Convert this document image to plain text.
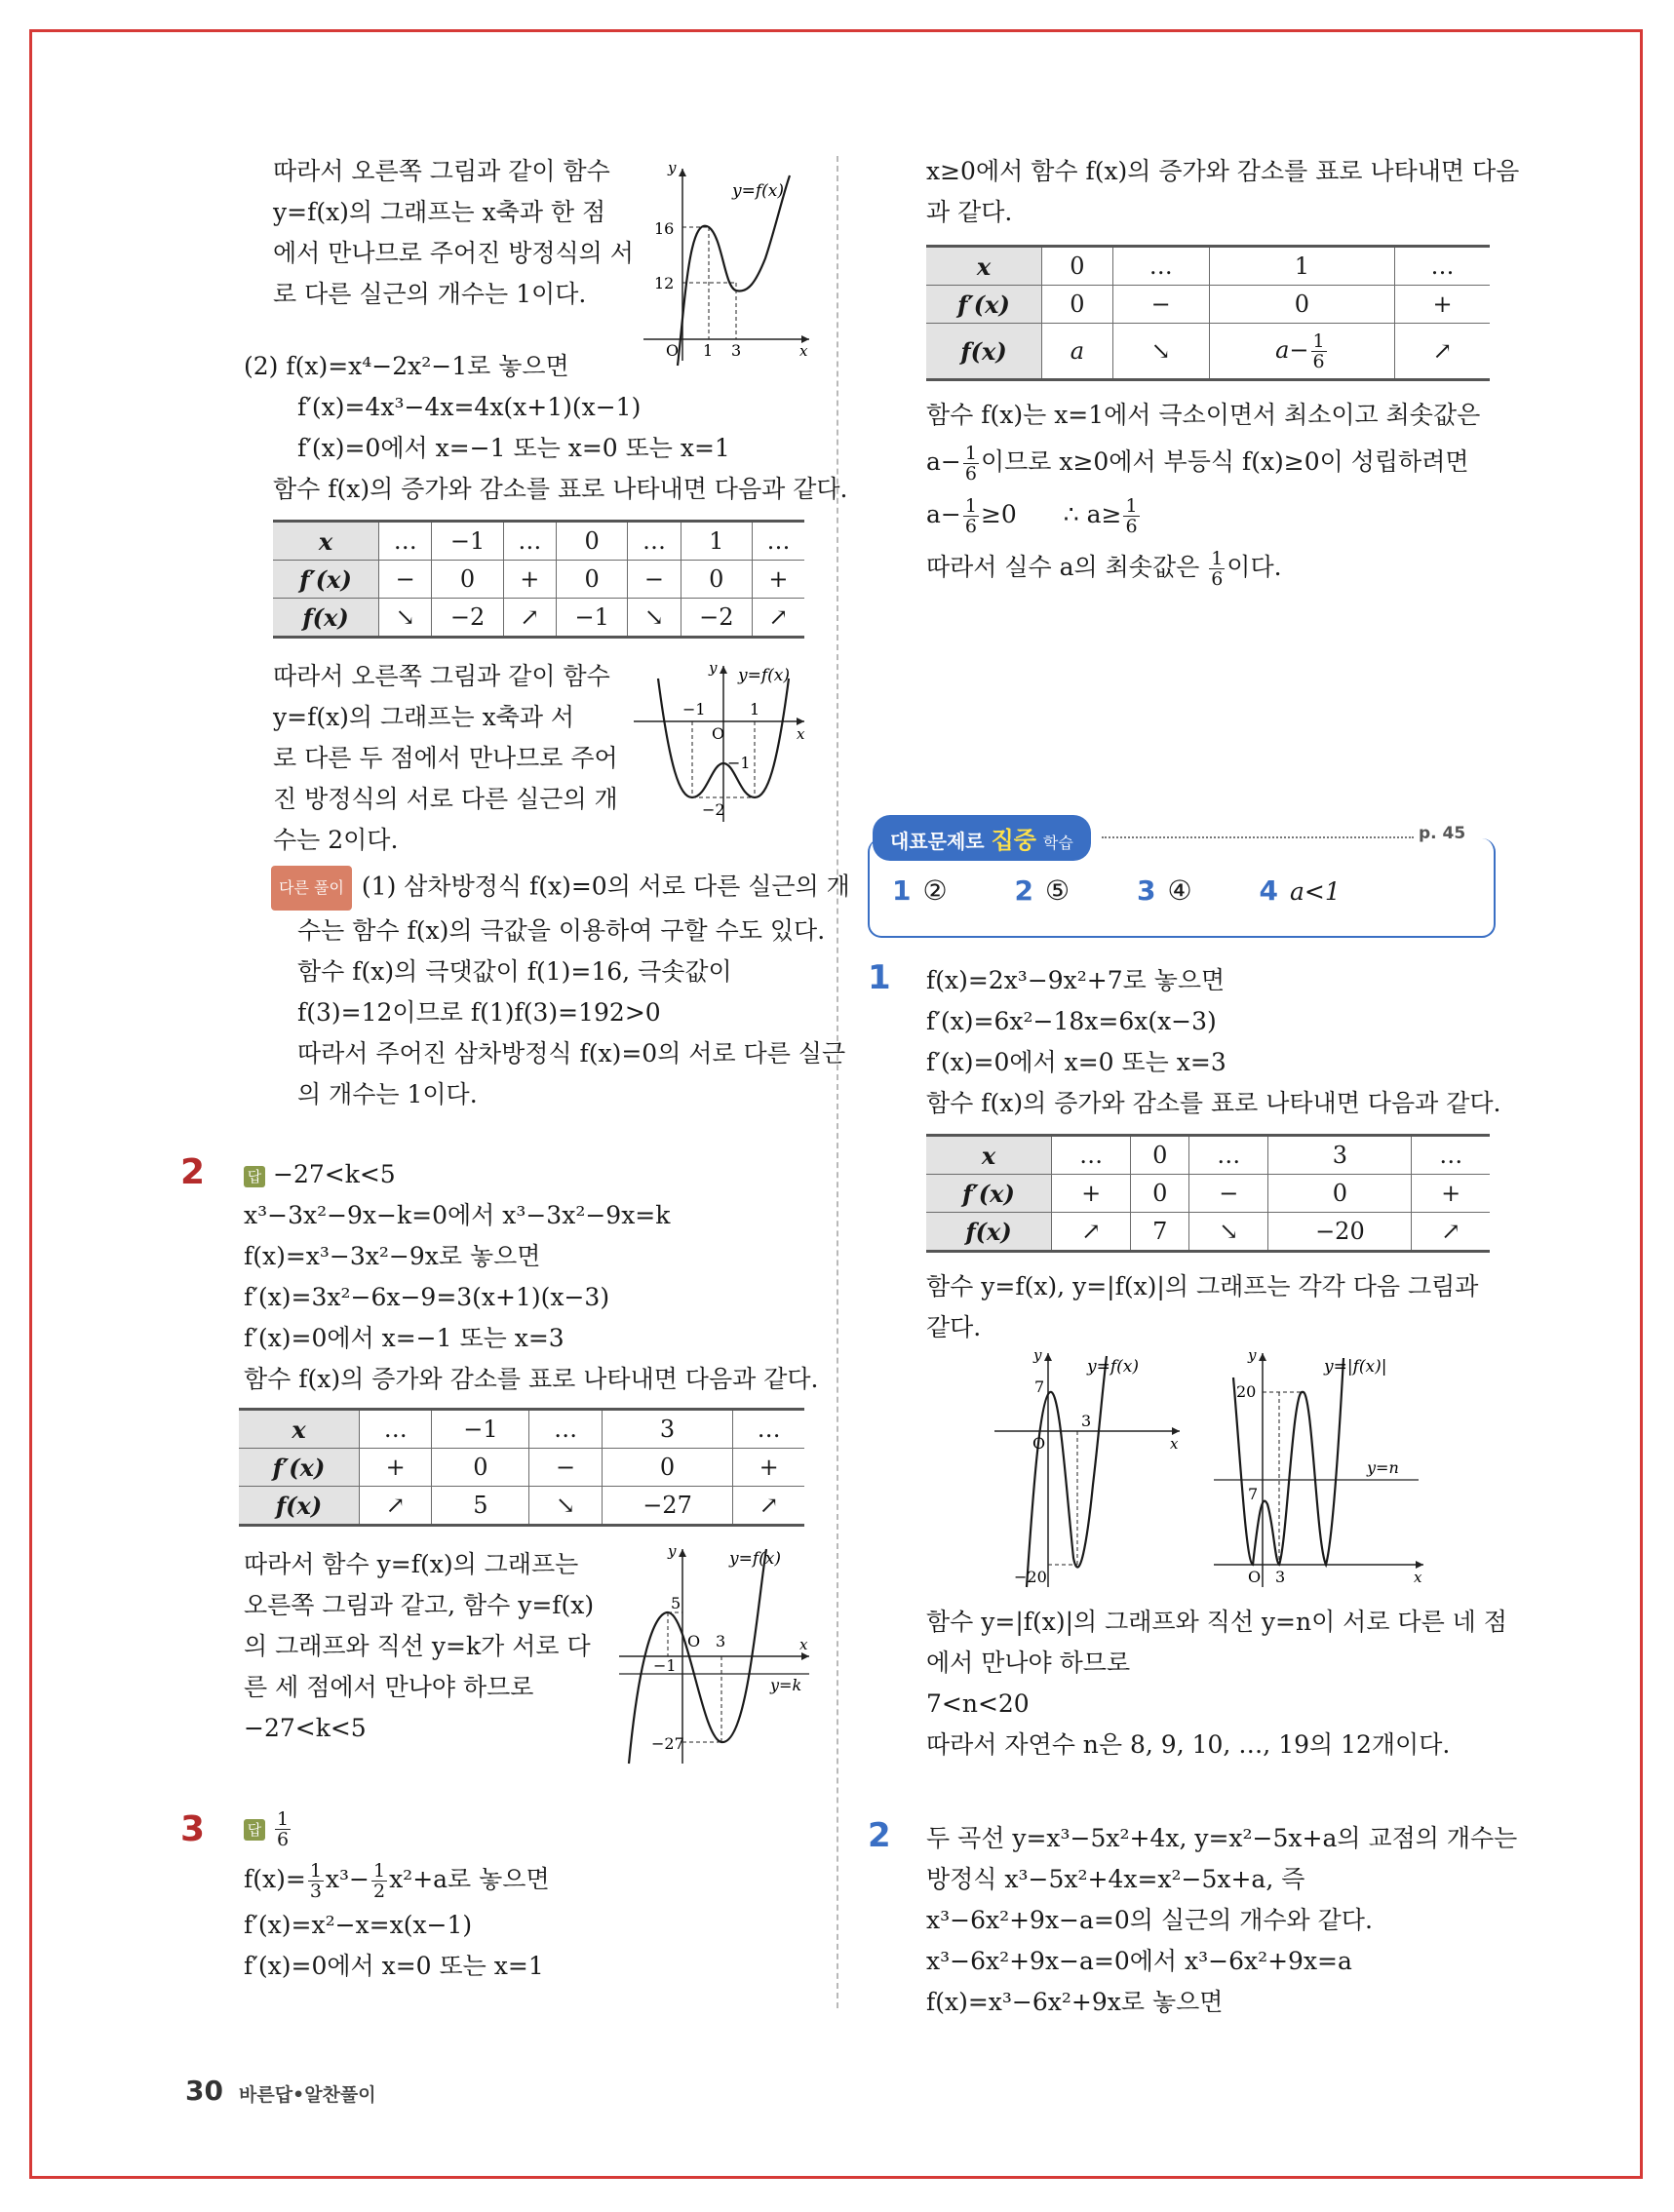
따라서 오른쪽 그림과 같이 함수
y=f(x)의 그래프는 x축과 한 점
에서 만나므로 주어진 방정식의 서
로 다른 실근의 개수는 1이다.
y
x
y=f(x)
16
12
O 1 3
(2) f(x)=x⁴−2x²−1로 놓으면
f′(x)=4x³−4x=4x(x+1)(x−1)
f′(x)=0에서 x=−1 또는 x=0 또는 x=1
함수 f(x)의 증가와 감소를 표로 나타내면 다음과 같다.
x	…	−1	…	0	…	1	…
f′(x)	−	0	+	0	−	0	+
f(x)	↘	−2	↗	−1	↘	−2	↗
따라서 오른쪽 그림과 같이 함수
y=f(x)의 그래프는 x축과 서
로 다른 두 점에서 만나므로 주어
진 방정식의 서로 다른 실근의 개
수는 2이다.
y
x
y=f(x)
−1	1
O
−1
−2
다른 풀이 (1) 삼차방정식 f(x)=0의 서로 다른 실근의 개
수는 함수 f(x)의 극값을 이용하여 구할 수도 있다.
함수 f(x)의 극댓값이 f(1)=16, 극솟값이
f(3)=12이므로 f(1)f(3)=192>0
따라서 주어진 삼차방정식 f(x)=0의 서로 다른 실근
의 개수는 1이다.
2	답 −27<k<5
x³−3x²−9x−k=0에서 x³−3x²−9x=k
f(x)=x³−3x²−9x로 놓으면
f′(x)=3x²−6x−9=3(x+1)(x−3)
f′(x)=0에서 x=−1 또는 x=3
함수 f(x)의 증가와 감소를 표로 나타내면 다음과 같다.
x	…	−1	…	3	…
f′(x)	+	0	−	0	+
f(x)	↗	5	↘	−27	↗
따라서 함수 y=f(x)의 그래프는
오른쪽 그림과 같고, 함수 y=f(x)
의 그래프와 직선 y=k가 서로 다
른 세 점에서 만나야 하므로
−27<k<5
y
x
y=f(x)
5
−1
O 3
y=k
−27
3	답 $\frac{1}{6}$
$f(x)= \frac{1}{3} x^3- \frac{1}{2} x^2+a$로 놓으면
f′(x)=x²−x=x(x−1)
f′(x)=0에서 x=0 또는 x=1
x≥0에서 함수 f(x)의 증가와 감소를 표로 나타내면 다음
과 같다.
x	0	…	1	…
f′(x)	0	−	0	+
f(x)	a	↘	$a- \frac{1}{6}$	↗
함수 f(x)는 x=1에서 극소이면서 최소이고 최솟값은
$a- \frac{1}{6}$ 이므로 x≥0에서 부등식 f(x)≥0이 성립하려면
$a- \frac{1}{6} \ge 0$ ∴ $a\ge \frac{1}{6}$
따라서 실수 a의 최솟값은 $\frac{1}{6}$ 이다.
대표문제로 집중 학습	p. 45
1 ② 2 ⑤ 3 ④ 4 a<1
1	f(x)=2x³−9x²+7로 놓으면
f′(x)=6x²−18x=6x(x−3)
f′(x)=0에서 x=0 또는 x=3
함수 f(x)의 증가와 감소를 표로 나타내면 다음과 같다.
x	…	0	…	3	…
f′(x)	+	0	−	0	+
f(x)	↗	7	↘	−20	↗
함수 y=f(x), y=|f(x)|의 그래프는 각각 다음 그림과
같다.
y
x
y=f(x)
7
O
3
−20
y
x
y=|f(x)|
20
y=n
7
O 3
함수 y=|f(x)|의 그래프와 직선 y=n이 서로 다른 네 점
에서 만나야 하므로
7<n<20
따라서 자연수 n은 8, 9, 10, …, 19의 12개이다.
2	두 곡선 y=x³−5x²+4x, y=x²−5x+a의 교점의 개수는
방정식 x³−5x²+4x=x²−5x+a, 즉
x³−6x²+9x−a=0의 실근의 개수와 같다.
x³−6x²+9x−a=0에서 x³−6x²+9x=a
f(x)=x³−6x²+9x로 놓으면
30 바른답•알찬풀이
